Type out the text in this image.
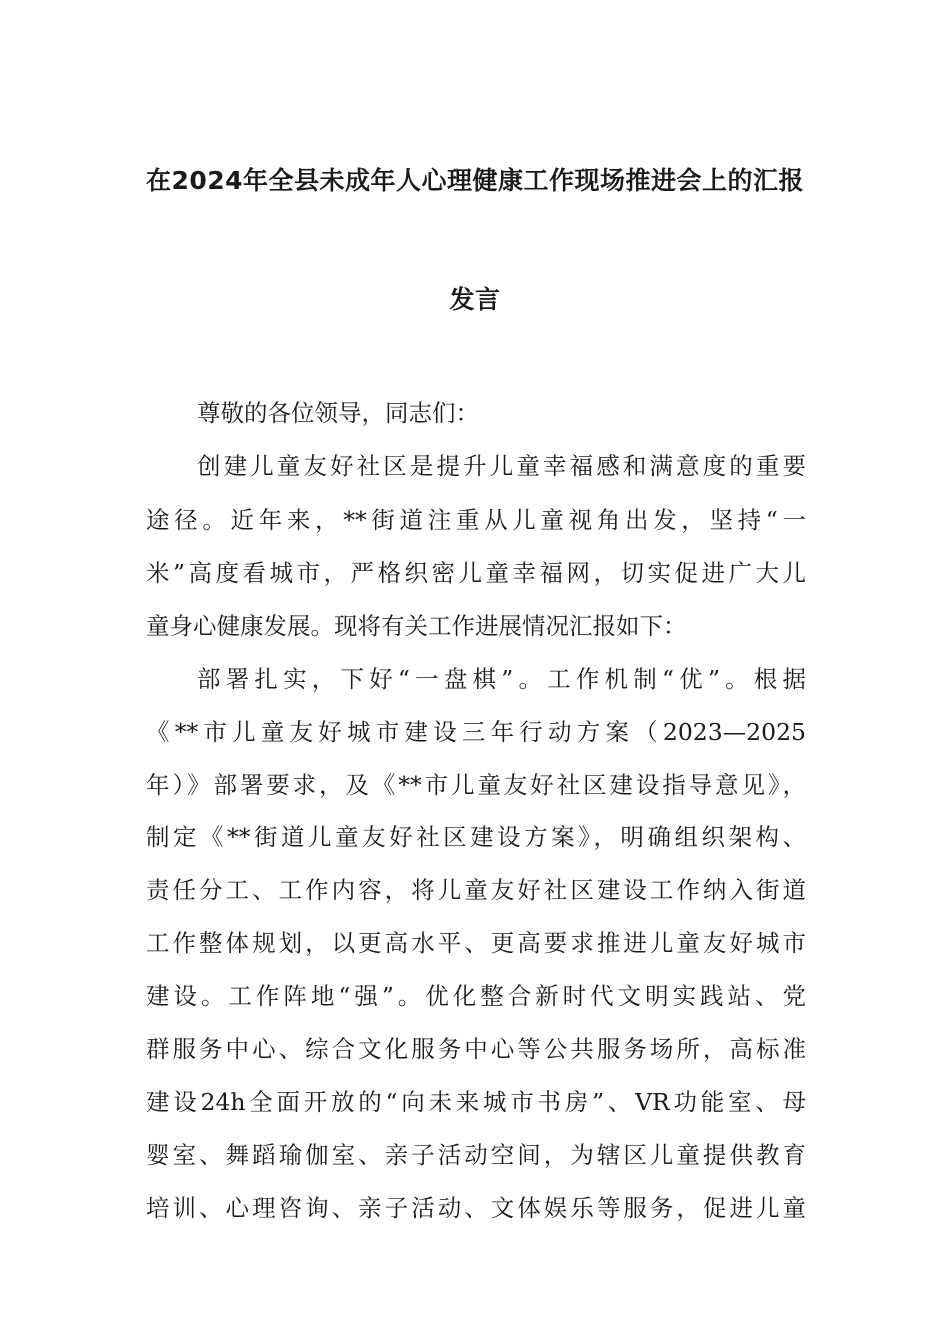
在2024年全县未成年人心理健康工作现场推进会上的汇报
发言
尊敬的各位领导，同志们：
创建儿童友好社区是提升儿童幸福感和满意度的重要
途径。近年来，**街道注重从儿童视角出发，坚持“一
米”高度看城市，严格织密儿童幸福网，切实促进广大儿
童身心健康发展。现将有关工作进展情况汇报如下：
部署扎实，下好“一盘棋”。工作机制“优”。根据
《**市儿童友好城市建设三年行动方案（2023—2025
年）》部署要求，及《**市儿童友好社区建设指导意见》，
制定《**街道儿童友好社区建设方案》，明确组织架构、
责任分工、工作内容，将儿童友好社区建设工作纳入街道
工作整体规划，以更高水平、更高要求推进儿童友好城市
建设。工作阵地“强”。优化整合新时代文明实践站、党
群服务中心、综合文化服务中心等公共服务场所，高标准
建设24h全面开放的“向未来城市书房”、VR功能室、母
婴室、舞蹈瑜伽室、亲子活动空间，为辖区儿童提供教育
培训、心理咨询、亲子活动、文体娱乐等服务，促进儿童
